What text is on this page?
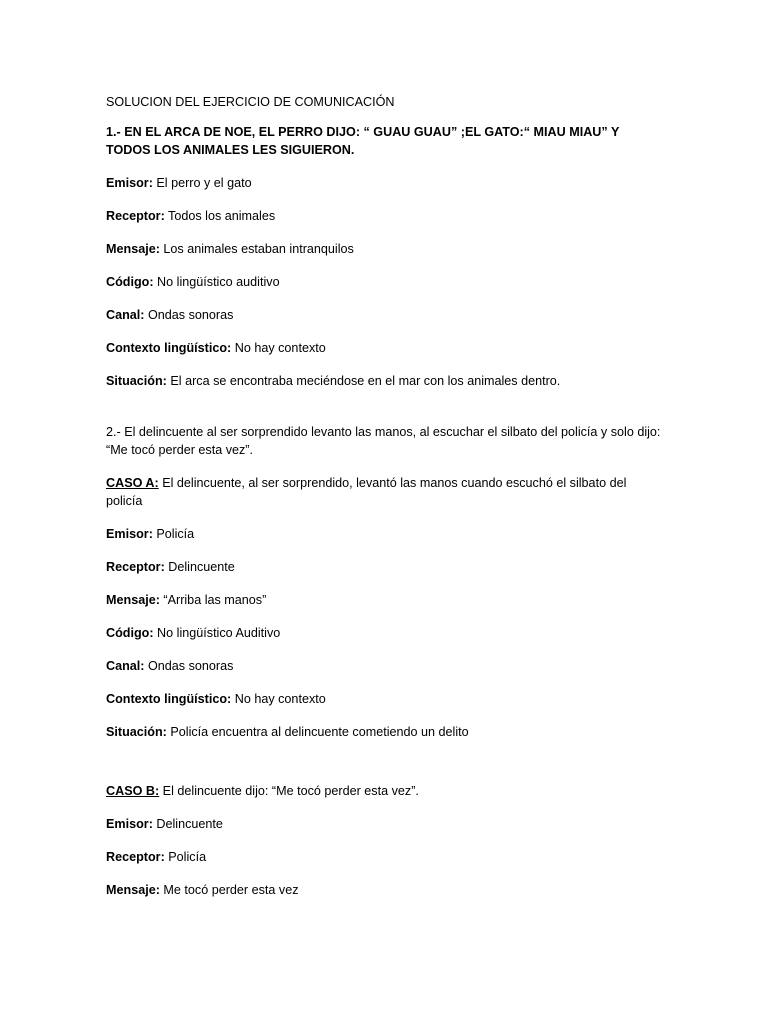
SOLUCION DEL EJERCICIO DE COMUNICACIÓN

1.- EN EL ARCA DE NOE, EL PERRO DIJO: “ GUAU GUAU” ;EL GATO:“ MIAU MIAU” Y TODOS LOS ANIMALES LES SIGUIERON.

Emisor: El perro y el gato

Receptor: Todos los animales

Mensaje: Los animales estaban intranquilos

Código: No lingüístico auditivo

Canal: Ondas sonoras

Contexto lingüístico: No hay contexto

Situación: El arca se encontraba meciéndose en el mar con los animales dentro.

2.- El delincuente al ser sorprendido levanto las manos, al escuchar el silbato del policía y solo dijo: “Me tocó perder esta vez”.

CASO A: El delincuente, al ser sorprendido, levantó las manos cuando escuchó el silbato del policía

Emisor: Policía

Receptor: Delincuente

Mensaje: “Arriba las manos”

Código: No lingüístico Auditivo

Canal: Ondas sonoras

Contexto lingüístico: No hay contexto

Situación: Policía encuentra al delincuente cometiendo un delito

CASO B: El delincuente dijo: “Me tocó perder esta vez”.

Emisor: Delincuente

Receptor: Policía

Mensaje: Me tocó perder esta vez
